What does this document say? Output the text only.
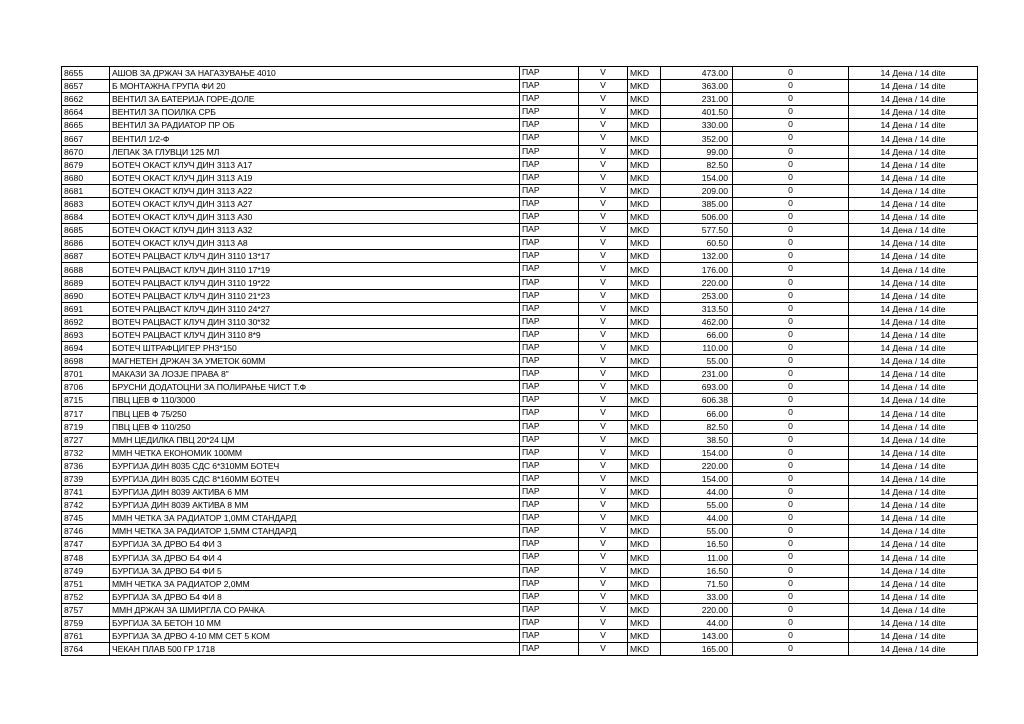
8655	АШОВ ЗА ДРЖАЧ ЗА НАГАЗУВАЊЕ 4010	ПАР	V	MKD	473.00	0	14 Дена / 14 dite
8657	Б МОНТАЖНА ГРУПА ФИ 20	ПАР	V	MKD	363.00	0	14 Дена / 14 dite
8662	ВЕНТИЛ ЗА БАТЕРИЈА ГОРЕ-ДОЛЕ	ПАР	V	MKD	231.00	0	14 Дена / 14 dite
8664	ВЕНТИЛ ЗА ПОИЛКА СРБ	ПАР	V	MKD	401.50	0	14 Дена / 14 dite
8665	ВЕНТИЛ ЗА РАДИАТОР ПР ОБ	ПАР	V	MKD	330.00	0	14 Дена / 14 dite
8667	ВЕНТИЛ 1/2-Ф	ПАР	V	MKD	352.00	0	14 Дена / 14 dite
8670	ЛЕПАК ЗА ГЛУВЦИ 125 МЛ	ПАР	V	MKD	99.00	0	14 Дена / 14 dite
8679	БОТЕЧ ОКАСТ КЛУЧ ДИН 3113 А17	ПАР	V	MKD	82.50	0	14 Дена / 14 dite
8680	БОТЕЧ ОКАСТ КЛУЧ ДИН 3113 А19	ПАР	V	MKD	154.00	0	14 Дена / 14 dite
8681	БОТЕЧ ОКАСТ КЛУЧ ДИН 3113 А22	ПАР	V	MKD	209.00	0	14 Дена / 14 dite
8683	БОТЕЧ ОКАСТ КЛУЧ ДИН 3113 А27	ПАР	V	MKD	385.00	0	14 Дена / 14 dite
8684	БОТЕЧ ОКАСТ КЛУЧ ДИН 3113 А30	ПАР	V	MKD	506.00	0	14 Дена / 14 dite
8685	БОТЕЧ ОКАСТ КЛУЧ ДИН 3113 А32	ПАР	V	MKD	577.50	0	14 Дена / 14 dite
8686	БОТЕЧ ОКАСТ КЛУЧ ДИН 3113 А8	ПАР	V	MKD	60.50	0	14 Дена / 14 dite
8687	БОТЕЧ РАЦВАСТ КЛУЧ ДИН 3110 13*17	ПАР	V	MKD	132.00	0	14 Дена / 14 dite
8688	БОТЕЧ РАЦВАСТ КЛУЧ ДИН 3110 17*19	ПАР	V	MKD	176.00	0	14 Дена / 14 dite
8689	БОТЕЧ РАЦВАСТ КЛУЧ ДИН 3110 19*22	ПАР	V	MKD	220.00	0	14 Дена / 14 dite
8690	БОТЕЧ РАЦВАСТ КЛУЧ ДИН 3110 21*23	ПАР	V	MKD	253.00	0	14 Дена / 14 dite
8691	БОТЕЧ РАЦВАСТ КЛУЧ ДИН 3110 24*27	ПАР	V	MKD	313.50	0	14 Дена / 14 dite
8692	ВОТЕЧ РАЦВАСТ КЛУЧ ДИН 3110 30*32	ПАР	V	MKD	462.00	0	14 Дена / 14 dite
8693	БОТЕЧ РАЦВАСТ КЛУЧ ДИН 3110 8*9	ПАР	V	MKD	66.00	0	14 Дена / 14 dite
8694	БОТЕЧ ШТРАФЦИГЕР PH3*150	ПАР	V	MKD	110.00	0	14 Дена / 14 dite
8698	МАГНЕТЕН ДРЖАЧ ЗА УМЕТОК 60ММ	ПАР	V	MKD	55.00	0	14 Дена / 14 dite
8701	МАКАЗИ ЗА ЛОЗЈЕ ПРАВА 8"	ПАР	V	MKD	231.00	0	14 Дена / 14 dite
8706	БРУСНИ ДОДАТОЦНИ ЗА ПОЛИРАЊЕ ЧИСТ Т.Ф	ПАР	V	MKD	693.00	0	14 Дена / 14 dite
8715	ПВЦ ЦЕВ Ф 110/3000	ПАР	V	MKD	606.38	0	14 Дена / 14 dite
8717	ПВЦ ЦЕВ Ф 75/250	ПАР	V	MKD	66.00	0	14 Дена / 14 dite
8719	ПВЦ ЦЕВ Ф 110/250	ПАР	V	MKD	82.50	0	14 Дена / 14 dite
8727	ММН ЦЕДИЛКА ПВЦ 20*24 ЦМ	ПАР	V	MKD	38.50	0	14 Дена / 14 dite
8732	ММН ЧЕТКА ЕКОНОМИК 100ММ	ПАР	V	MKD	154.00	0	14 Дена / 14 dite
8736	БУРГИЈА ДИН 8035 СДС 6*310ММ БОТЕЧ	ПАР	V	MKD	220.00	0	14 Дена / 14 dite
8739	БУРГИЈА ДИН 8035 СДС 8*160ММ БОТЕЧ	ПАР	V	MKD	154.00	0	14 Дена / 14 dite
8741	БУРГИЈА ДИН 8039 АКТИВА 6 ММ	ПАР	V	MKD	44.00	0	14 Дена / 14 dite
8742	БУРГИЈА ДИН 8039 АКТИВА 8 ММ	ПАР	V	MKD	55.00	0	14 Дена / 14 dite
8745	ММН ЧЕТКА ЗА РАДИАТОР 1,0ММ СТАНДАРД	ПАР	V	MKD	44.00	0	14 Дена / 14 dite
8746	ММН ЧЕТКА ЗА РАДИАТОР 1,5ММ СТАНДАРД	ПАР	V	MKD	55.00	0	14 Дена / 14 dite
8747	БУРГИЈА ЗА ДРВО Б4 ФИ 3	ПАР	V	MKD	16.50	0	14 Дена / 14 dite
8748	БУРГИЈА ЗА ДРВО Б4 ФИ 4	ПАР	V	MKD	11.00	0	14 Дена / 14 dite
8749	БУРГИЈА ЗА ДРВО Б4 ФИ 5	ПАР	V	MKD	16.50	0	14 Дена / 14 dite
8751	ММН ЧЕТКА ЗА РАДИАТОР 2,0ММ	ПАР	V	MKD	71.50	0	14 Дена / 14 dite
8752	БУРГИЈА ЗА ДРВО Б4 ФИ 8	ПАР	V	MKD	33.00	0	14 Дена / 14 dite
8757	ММН ДРЖАЧ ЗА ШМИРГЛА СО РАЧКА	ПАР	V	MKD	220.00	0	14 Дена / 14 dite
8759	БУРГИЈА ЗА БЕТОН 10 ММ	ПАР	V	MKD	44.00	0	14 Дена / 14 dite
8761	БУРГИЈА ЗА ДРВО 4-10 ММ СЕТ 5 КОМ	ПАР	V	MKD	143.00	0	14 Дена / 14 dite
8764	ЧЕКАН ПЛАВ 500 ГР 1718	ПАР	V	MKD	165.00	0	14 Дена / 14 dite
